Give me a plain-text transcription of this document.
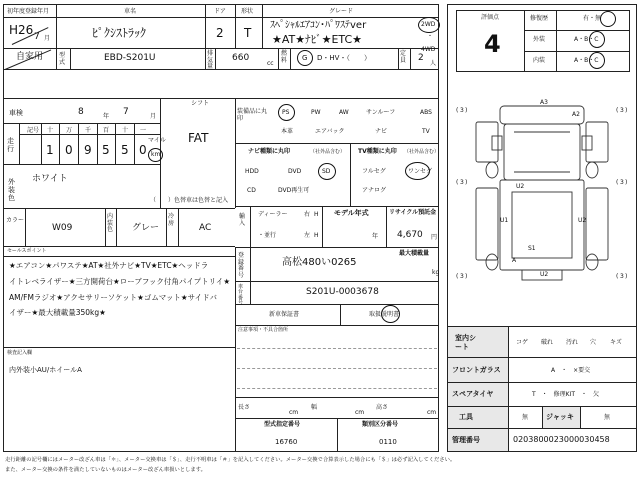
初年度登録年月
H26 7 月
車名
ﾋﾟｸｼｽﾄﾗｯｸ
ドア
2
形状
T
グレード
ｽﾍﾟｼｬﾙｴｱｺﾝ･ﾊﾟﾜｽﾃver
★AT★ﾅﾋﾞ★ETC★
2WD
・
4WD
自家用	型式	EBD-S201U	排気量
660
cc
燃料 G D・HV・（　　）
定員 2
人
車検	8	年 7	月
走行
記号 十 万 千 百 十 一
1 0 9 5 5 0
マイル
km
シフト
FAT
外装色
ホワイト
（　　）色替車は色替と記入
カラー
W09
内装色 グレー
冷房	AC
装備品に丸印
PS	PW	AW	サンルーフ	ABS
本革	エアバック	ナビ	TV
ナビ種類に丸印	（社外品含む）
HDD	DVD	SD
CD	DVD再生可
TV種類に丸印 （社外品含む）
フルセグ	ワンセグ
アナログ
輸入
ディーラー
・並行
右
左
H
H
モデル年式
年
リサイクル預託金
4,670 円
最大積載量
kg
登録番号
高松480い0265
車台番号
S201U-0003678
新車保証書	取扱説明書
注意事項・不具合箇所
セールスポイント
★エアコン★パワステ★AT★社外ナビ★TV★ETC★ヘッドラ
イトレベライザー★三方開荷台★ローブフック付角パイプトリイ★
AM/FMラジオ★アクセサリーソケット★ゴムマット★サイドバ
イザー★最大積載量350kg★
検査記入欄
内外装小AU/ホイールA
長さ
cm
幅
cm
高さ
cm
型式指定番号
16760
類別区分番号
0110
評価点
4
修復歴	有・無
外装	A・B・C
内装	A・B・C
A3
A2
U1	U2
U2
S1
U2
A
( 3 )	( 3 )
( 3 )	( 3 )
( 3 )	( 3 )
室内シート
コゲ 破れ 汚れ 穴 キズ
フロントガラス	A　・　×要交
スペアタイヤ	T　・　修理KIT　・　欠
工具	無	ジャッキ	無
管理番号	0203800023000030458
走行距離の記号欄にはメーター改ざん車は「＊」、メーター交換車は「＄」、走行不明車は「＃」を記入してください。メーター交換で合算表示した場合にも「＄」は必ず記入してください。
また、メーター交換の条件を満たしていないものはメーター改ざん車扱いとします。
